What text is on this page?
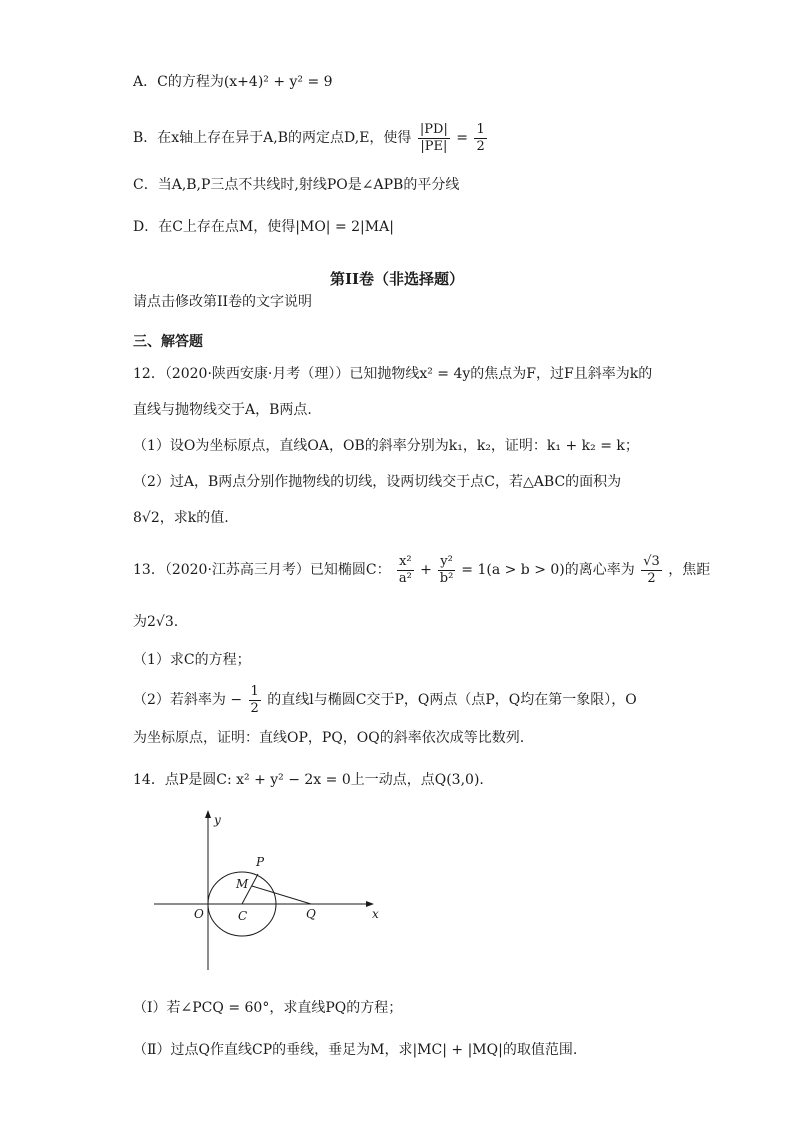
A．C的方程为(x+4)² + y² = 9
B．在x轴上存在异于A,B的两定点D,E，使得 $\frac{|PD|}{|PE|} = \frac{1}{2}$
C．当A,B,P三点不共线时,射线PO是∠APB的平分线
D．在C上存在点M，使得|MO| = 2|MA|
第II卷（非选择题）
请点击修改第II卷的文字说明
三、解答题
12．（2020·陕西安康·月考（理））已知抛物线x² = 4y的焦点为F，过F且斜率为k的
直线与抛物线交于A，B两点.
（1）设O为坐标原点，直线OA，OB的斜率分别为k₁，k₂，证明：k₁ + k₂ = k；
（2）过A，B两点分别作抛物线的切线，设两切线交于点C，若△ABC的面积为
8√2，求k的值.
13．（2020·江苏高三月考）已知椭圆C： $\frac{\text{x²}}{\text{a²}} + \frac{\text{y²}}{\text{b²}} = 1(a > b > 0)$的离心率为 $\frac{√3}{2}$ ，焦距
为2√3.
（1）求C的方程；
（2）若斜率为 − $\frac{1}{2}$ 的直线l与椭圆C交于P，Q两点（点P，Q均在第一象限），O
为坐标原点，证明：直线OP，PQ，OQ的斜率依次成等比数列.
14．点P是圆C: x² + y² − 2x = 0上一动点，点Q(3,0).
y
x
O	C	Q
P
M
（Ⅰ）若∠PCQ = 60°，求直线PQ的方程；
（Ⅱ）过点Q作直线CP的垂线，垂足为M，求|MC| + |MQ|的取值范围.
